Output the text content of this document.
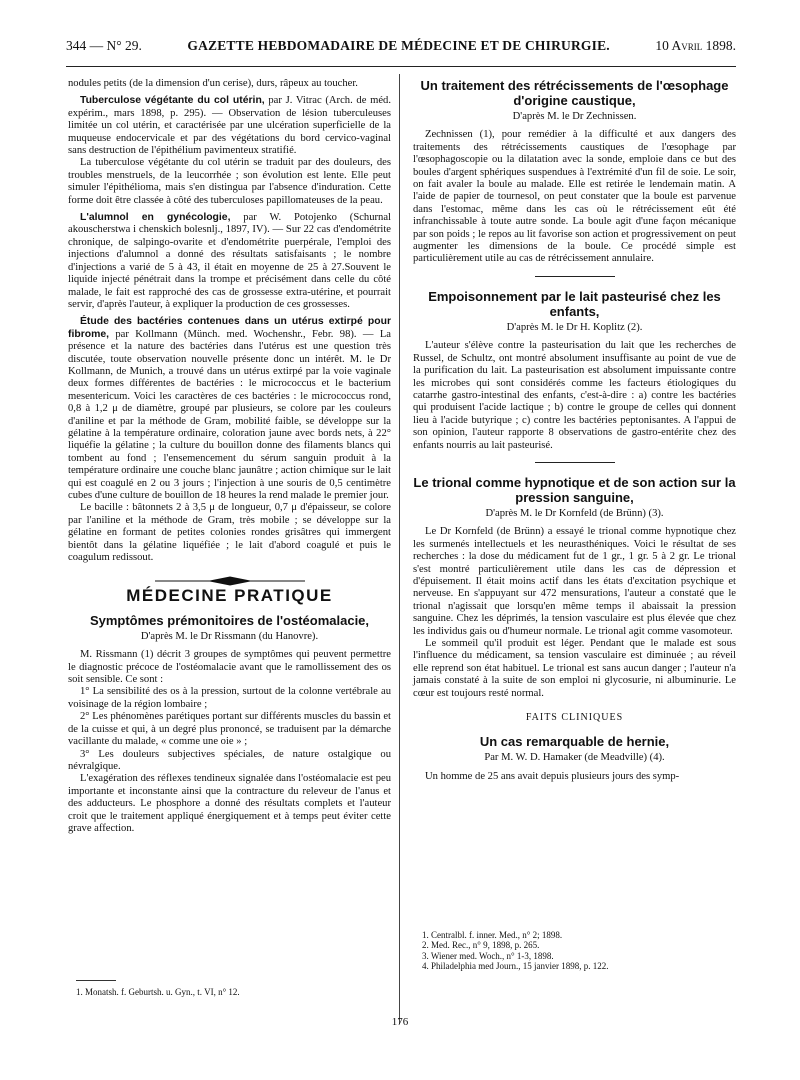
344 — N° 29.	GAZETTE HEBDOMADAIRE DE MÉDECINE ET DE CHIRURGIE.	10 Avril 1898.

nodules petits (de la dimension d'un cerise), durs, râpeux au toucher.

Tuberculose végétante du col utérin, par J. Vitrac (Arch. de méd. expérim., mars 1898, p. 295). — Observation de lésion tuberculeuses limitée un col utérin, et caractérisée par une ulcération superficielle de la muqueuse endocervicale et par des végétations du bord cervico-vaginal sans destruction de l'épithélium pavimenteux stratifié.

La tuberculose végétante du col utérin se traduit par des douleurs, des troubles menstruels, de la leucorrhée ; son évolution est lente. Elle peut simuler l'épithélioma, mais s'en distingua par l'absence d'induration. Cette forme doit être classée à côté des tuberculoses papillomateuses de la peau.

L'alumnol en gynécologie, par W. Potojenko (Schurnal akouscherstwa i chenskich bolesnlj., 1897, IV). — Sur 22 cas d'endométrite chronique, de salpingo-ovarite et d'endométrite puerpérale, l'emploi des injections d'alumnol a donné des résultats satisfaisants ; le nombre d'injections a varié de 5 à 43, il était en moyenne de 25 à 27.Souvent le liquide injecté pénétrait dans la trompe et précisément dans celle du côté malade, le fait est rapproché des cas de grossesse extra-utérine, et pourrait servir, d'après l'auteur, à expliquer la production de ces grossesses.

Étude des bactéries contenues dans un utérus extirpé pour fibrome, par Kollmann (Münch. med. Wochenshr., Febr. 98). — La présence et la nature des bactéries dans l'utérus est une question très discutée, toute observation nouvelle présente donc un intérêt. M. le Dr Kollmann, de Munich, a trouvé dans un utérus extirpé par la voie vaginale deux formes différentes de bactéries : le micrococcus et le bacterium mesentericum. Voici les caractères de ces bactéries : le micrococcus rond, 0,8 à 1,2 μ de diamètre, groupé par plusieurs, se colore par les couleurs d'aniline et par la méthode de Gram, mobilité faible, se développe sur la gélatine à la température ordinaire, coloration jaune avec bords nets, à 22° liquéfie la gélatine ; la culture du bouillon donne des filaments blancs qui tombent au fond ; l'ensemencement du sérum sanguin produit à la température ordinaire une couche blanc jaunâtre ; action chimique sur le lait qui est coagulé en 2 ou 3 jours ; l'injection à une souris de 0,5 centimètre cubes d'une culture de bouillon de 18 heures la rend malade le premier jour.

Le bacille : bâtonnets 2 à 3,5 μ de longueur, 0,7 μ d'épaisseur, se colore par l'aniline et la méthode de Gram, très mobile ; se développe sur la gélatine en formant de petites colonies rondes grisâtres qui immergent bientôt dans la gélatine liquéfiée ; le lait d'abord coagulé et puis le coagulum redissout.

MÉDECINE PRATIQUE

Symptômes prémonitoires de l'ostéomalacie,

D'après M. le Dr Rissmann (du Hanovre).

M. Rissmann (1) décrit 3 groupes de symptômes qui peuvent permettre le diagnostic précoce de l'ostéomalacie avant que le ramollissement des os soit sensible. Ce sont :

1° La sensibilité des os à la pression, surtout de la colonne vertébrale au voisinage de la région lombaire ;

2° Les phénomènes parétiques portant sur différents muscles du bassin et de la cuisse et qui, à un degré plus prononcé, se traduisent par la démarche vacillante du malade, « comme une oie » ;

3° Les douleurs subjectives spéciales, de nature ostalgique ou névralgique.

L'exagération des réflexes tendineux signalée dans l'ostéomalacie est peu importante et inconstante ainsi que la contracture du releveur de l'anus et des adducteurs. Le phosphore a donné des résultats complets et l'auteur croit que le traitement appliqué énergiquement et à temps peut éviter cette grave affection.

1. Monatsh. f. Geburtsh. u. Gyn., t. VI, n° 12.

Un traitement des rétrécissements de l'œsophage d'origine caustique,

D'après M. le Dr Zechnissen.

Zechnissen (1), pour remédier à la difficulté et aux dangers des traitements des rétrécissements caustiques de l'œsophage par l'œsophagoscopie ou la dilatation avec la sonde, emploie dans ce but des boules d'argent sphériques suspendues à l'extrémité d'un fil de soie. Le soir, on fait avaler la boule au malade. Elle est retirée le lendemain matin. A l'aide de papier de tournesol, on peut constater que la boule est parvenue dans l'estomac, même dans les cas où le rétrécissement eût été infranchissable à toute autre sonde. La boule agit d'une façon mécanique par son poids ; le repos au lit favorise son action et progressivement on peut augmenter les dimensions de la boule. Ce procédé simple est particulièrement utile au cas de rétrécissement annulaire.

Empoisonnement par le lait pasteurisé chez les enfants,

D'après M. le Dr H. Koplitz (2).

L'auteur s'élève contre la pasteurisation du lait que les recherches de Russel, de Schultz, ont montré absolument insuffisante au point de vue de la purification du lait. La pasteurisation est absolument impuissante contre les microbes qui sont considérés comme les facteurs étiologiques du catarrhe gastro-intestinal des enfants, c'est-à-dire : a) contre les bactéries qui produisent l'acide lactique ; b) contre le groupe de celles qui donnent lieu à l'acide butyrique ; c) contre les bactéries peptonisantes. A l'appui de son opinion, l'auteur rapporte 8 observations de gastro-entérite chez des enfants nourris au lait pasteurisé.

Le trional comme hypnotique et de son action sur la pression sanguine,

D'après M. le Dr Kornfeld (de Brünn) (3).

Le Dr Kornfeld (de Brünn) a essayé le trional comme hypnotique chez les surmenés intellectuels et les neurasthéniques. Voici le résultat de ses recherches : la dose du médicament fut de 1 gr., 1 gr. 5 à 2 gr. Le trional s'est montré particulièrement utile dans les cas de dépression et d'épuisement. Il était moins actif dans les états d'excitation psychique et nerveuse. En s'appuyant sur 472 mensurations, l'auteur a constaté que le trional n'agissait que lorsqu'en même temps il abaissait la pression sanguine. Chez les déprimés, la tension vasculaire est plus élevée que chez les individus gais ou d'humeur normale. Le trional agit comme vasomoteur.

Le sommeil qu'il produit est léger. Pendant que le malade est sous l'influence du médicament, sa tension vasculaire est diminuée ; au réveil elle reprend son état habituel. Le trional est sans aucun danger ; l'auteur n'a jamais constaté à la suite de son emploi ni glycosurie, ni albuminurie. Le cœur est toujours resté normal.

FAITS CLINIQUES

Un cas remarquable de hernie,

Par M. W. D. Hamaker (de Meadville) (4).

Un homme de 25 ans avait depuis plusieurs jours des symp-

1. Centralbl. f. inner. Med., n° 2; 1898.

2. Med. Rec., n° 9, 1898, p. 265.

3. Wiener med. Woch., n° 1-3, 1898.

4. Philadelphia med Journ., 15 janvier 1898, p. 122.

176
